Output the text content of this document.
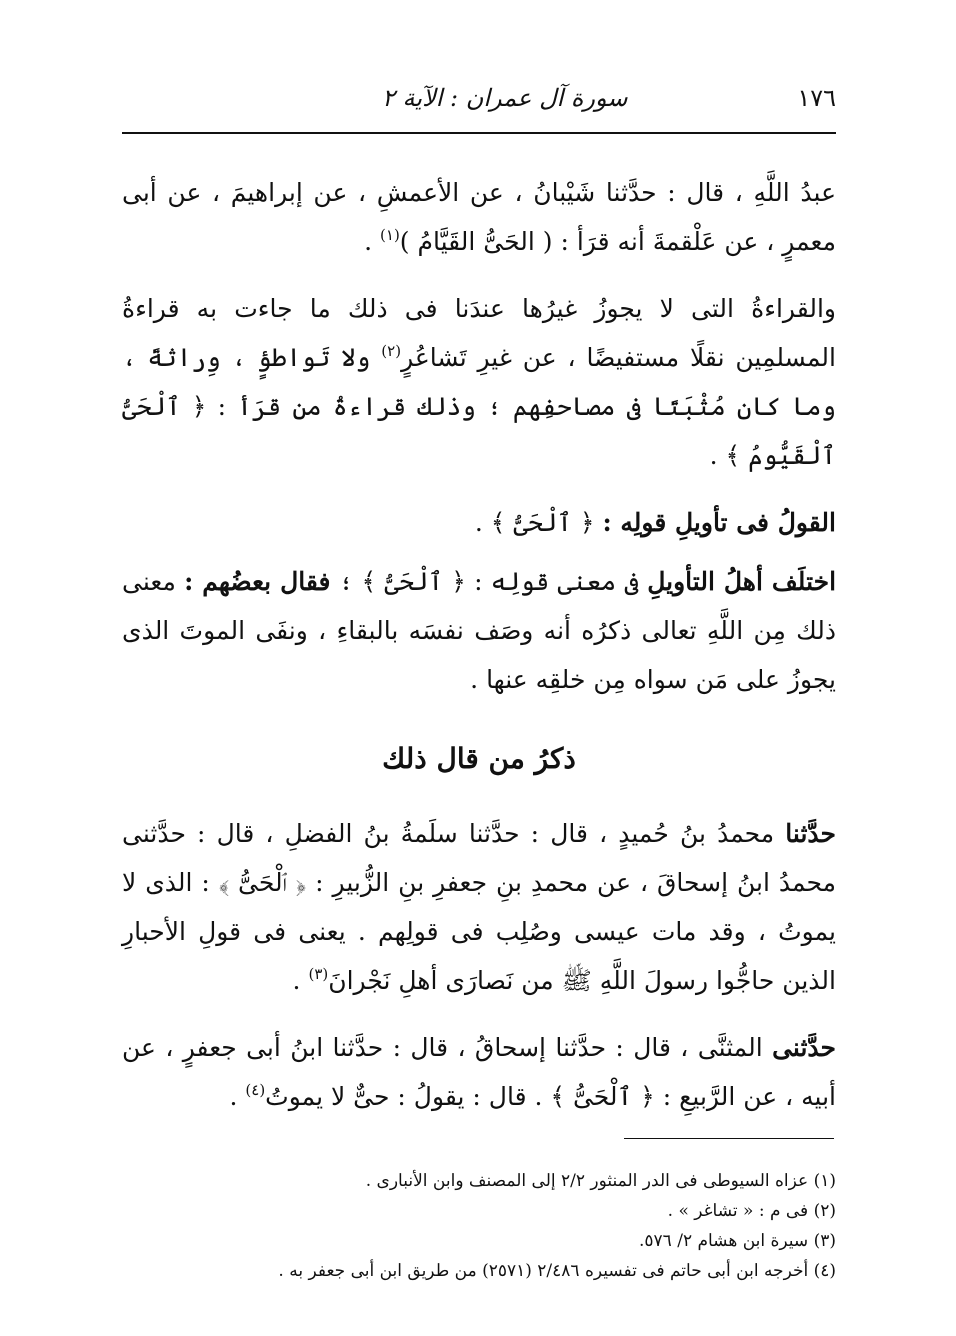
١٧٦
سورة آل عمران : الآية ٢

عبدُ اللَّهِ ، قال : حدَّثنا شَيْبانُ ، عن الأعمشِ ، عن إبراهيمَ ، عن أبى معمرٍ ، عن عَلْقمةَ أنه قرَأ : ( الحَىُّ القَيَّامُ )$^{(١)}$ .

والقراءةُ التى لا يجوزُ غيرُها عندَنا فى ذلك ما جاءت به قراءةُ المسلمِين نقلًا مستفيضًا ، عن غيرِ تَشاعُرٍ$^{(٢)}$ ولا تَواطؤٍ ، وِراثةً ، وما كان مُثْبَتًا فى مصاحفِهم ؛ وذلك قراءةُ من قرَأ : ﴿ ٱلْحَىُّ ٱلْقَيُّومُ ﴾ .

القولُ فى تأويلِ قولِه : ﴿ ٱلْحَىُّ ﴾ .

اختلَف أهلُ التأويلِ فى معنى قولِه : ﴿ ٱلْحَىُّ ﴾ ؛ فقال بعضُهم : معنى ذلك مِن اللَّهِ تعالى ذكرُه أنه وصَف نفسَه بالبقاءِ ، ونفَى الموتَ الذى يجوزُ على مَن سواه مِن خلقِه عنها .

ذكرُ من قال ذلك

حدَّثنا محمدُ بنُ حُميدٍ ، قال : حدَّثنا سلَمةُ بنُ الفضلِ ، قال : حدَّثنى محمدُ ابنُ إسحاقَ ، عن محمدِ بنِ جعفرِ بنِ الزُّبيرِ : ﴿ ٱلْحَىُّ ﴾ : الذى لا يموتُ ، وقد مات عيسى وصُلِب فى قولِهم . يعنى فى قولِ الأحبارِ الذين حاجُّوا رسولَ اللَّهِ ﷺ من نَصارَى أهلِ نَجْرانَ$^{(٣)}$ .

حدَّثنى المثنَّى ، قال : حدَّثنا إسحاقُ ، قال : حدَّثنا ابنُ أبى جعفرٍ ، عن أبيه ، عن الرَّبيعِ : ﴿ ٱلْحَىُّ ﴾ . قال : يقولُ : حىٌّ لا يموتُ$^{(٤)}$ .

(١) عزاه السيوطى فى الدر المنثور ٢/٢ إلى المصنف وابن الأنبارى .
(٢) فى م : « تشاغر » .
(٣) سيرة ابن هشام ٢/ ٥٧٦.
(٤) أخرجه ابن أبى حاتم فى تفسيره ٢/٤٨٦ (٢٥٧١) من طريق ابن أبى جعفر به .
